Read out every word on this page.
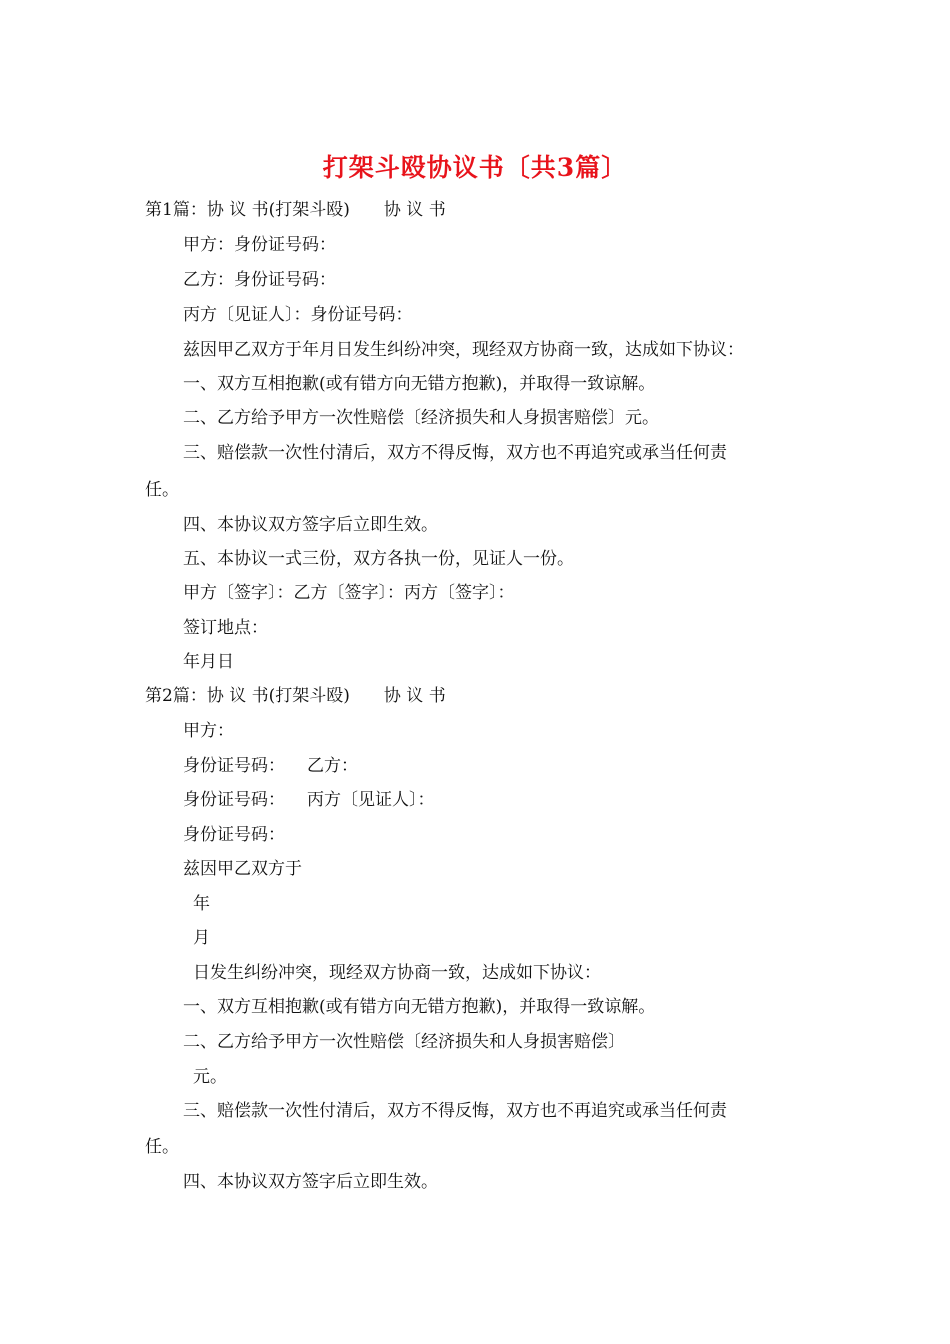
打架斗殴协议书〔共3篇〕
第1篇：协 议 书(打架斗殴) 协 议 书
甲方：身份证号码：
乙方：身份证号码：
丙方〔见证人〕：身份证号码：
兹因甲乙双方于年月日发生纠纷冲突，现经双方协商一致，达成如下协议：
一、双方互相抱歉(或有错方向无错方抱歉)，并取得一致谅解。
二、乙方给予甲方一次性赔偿〔经济损失和人身损害赔偿〕元。
三、赔偿款一次性付清后，双方不得反悔，双方也不再追究或承当任何责
任。
四、本协议双方签字后立即生效。
五、本协议一式三份，双方各执一份，见证人一份。
甲方〔签字〕：乙方〔签字〕：丙方〔签字〕：
签订地点：
年月日
第2篇：协 议 书(打架斗殴) 协 议 书
甲方：
身份证号码： 乙方：
身份证号码： 丙方〔见证人〕：
身份证号码：
兹因甲乙双方于
年
月
日发生纠纷冲突，现经双方协商一致，达成如下协议：
一、双方互相抱歉(或有错方向无错方抱歉)，并取得一致谅解。
二、乙方给予甲方一次性赔偿〔经济损失和人身损害赔偿〕
元。
三、赔偿款一次性付清后，双方不得反悔，双方也不再追究或承当任何责
任。
四、本协议双方签字后立即生效。
